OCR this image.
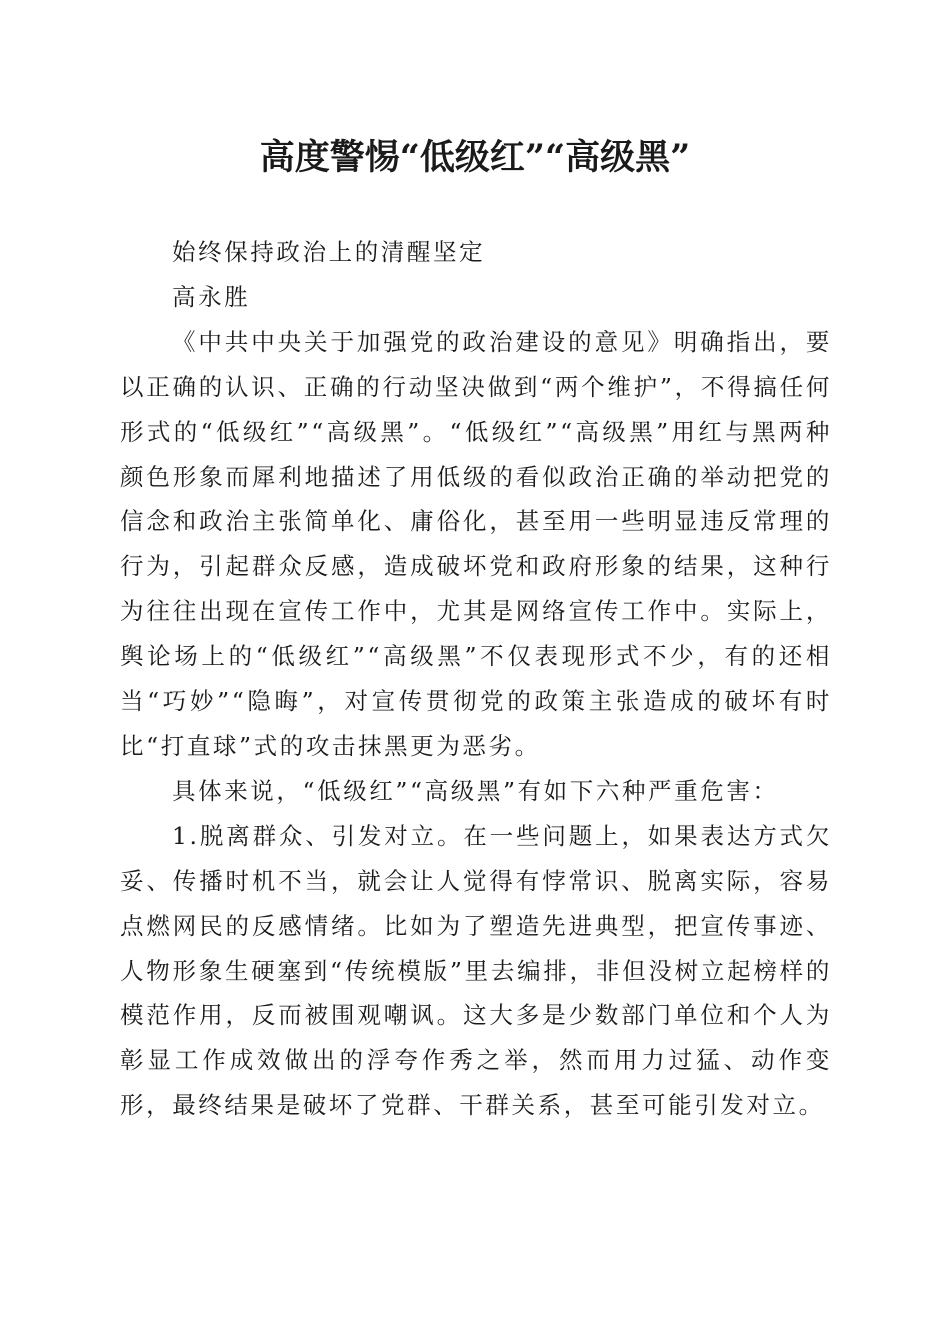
高度警惕“低级红”“高级黑”

始终保持政治上的清醒坚定

高永胜

《中共中央关于加强党的政治建设的意见》明确指出，要以正确的认识、正确的行动坚决做到“两个维护”，不得搞任何形式的“低级红”“高级黑”。“低级红”“高级黑”用红与黑两种颜色形象而犀利地描述了用低级的看似政治正确的举动把党的信念和政治主张简单化、庸俗化，甚至用一些明显违反常理的行为，引起群众反感，造成破坏党和政府形象的结果，这种行为往往出现在宣传工作中，尤其是网络宣传工作中。实际上，舆论场上的“低级红”“高级黑”不仅表现形式不少，有的还相当“巧妙”“隐晦”，对宣传贯彻党的政策主张造成的破坏有时比“打直球”式的攻击抹黑更为恶劣。

具体来说，“低级红”“高级黑”有如下六种严重危害：

1.脱离群众、引发对立。在一些问题上，如果表达方式欠妥、传播时机不当，就会让人觉得有悖常识、脱离实际，容易点燃网民的反感情绪。比如为了塑造先进典型，把宣传事迹、人物形象生硬塞到“传统模版”里去编排，非但没树立起榜样的模范作用，反而被围观嘲讽。这大多是少数部门单位和个人为彰显工作成效做出的浮夸作秀之举，然而用力过猛、动作变形，最终结果是破坏了党群、干群关系，甚至可能引发对立。
